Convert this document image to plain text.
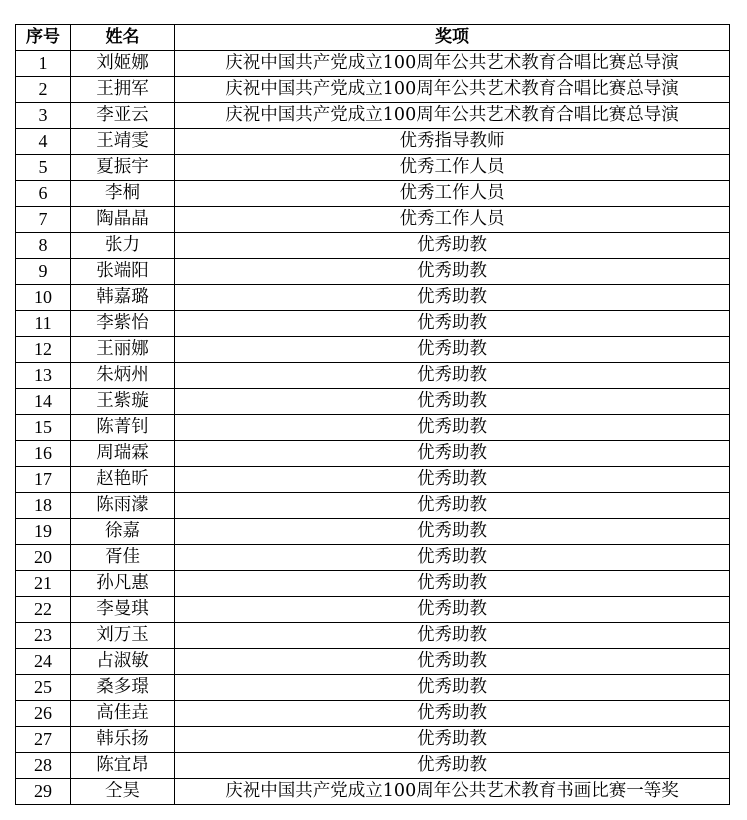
序号	姓名	奖项
1	刘姬娜	庆祝中国共产党成立100周年公共艺术教育合唱比赛总导演
2	王拥军	庆祝中国共产党成立100周年公共艺术教育合唱比赛总导演
3	李亚云	庆祝中国共产党成立100周年公共艺术教育合唱比赛总导演
4	王靖雯	优秀指导教师
5	夏振宇	优秀工作人员
6	李桐	优秀工作人员
7	陶晶晶	优秀工作人员
8	张力	优秀助教
9	张端阳	优秀助教
10	韩嘉璐	优秀助教
11	李紫怡	优秀助教
12	王丽娜	优秀助教
13	朱炳州	优秀助教
14	王紫璇	优秀助教
15	陈菁钊	优秀助教
16	周瑞霖	优秀助教
17	赵艳昕	优秀助教
18	陈雨濛	优秀助教
19	徐嘉	优秀助教
20	胥佳	优秀助教
21	孙凡惠	优秀助教
22	李曼琪	优秀助教
23	刘万玉	优秀助教
24	占淑敏	优秀助教
25	桑多璟	优秀助教
26	高佳垚	优秀助教
27	韩乐扬	优秀助教
28	陈宜昂	优秀助教
29	仝昊	庆祝中国共产党成立100周年公共艺术教育书画比赛一等奖
